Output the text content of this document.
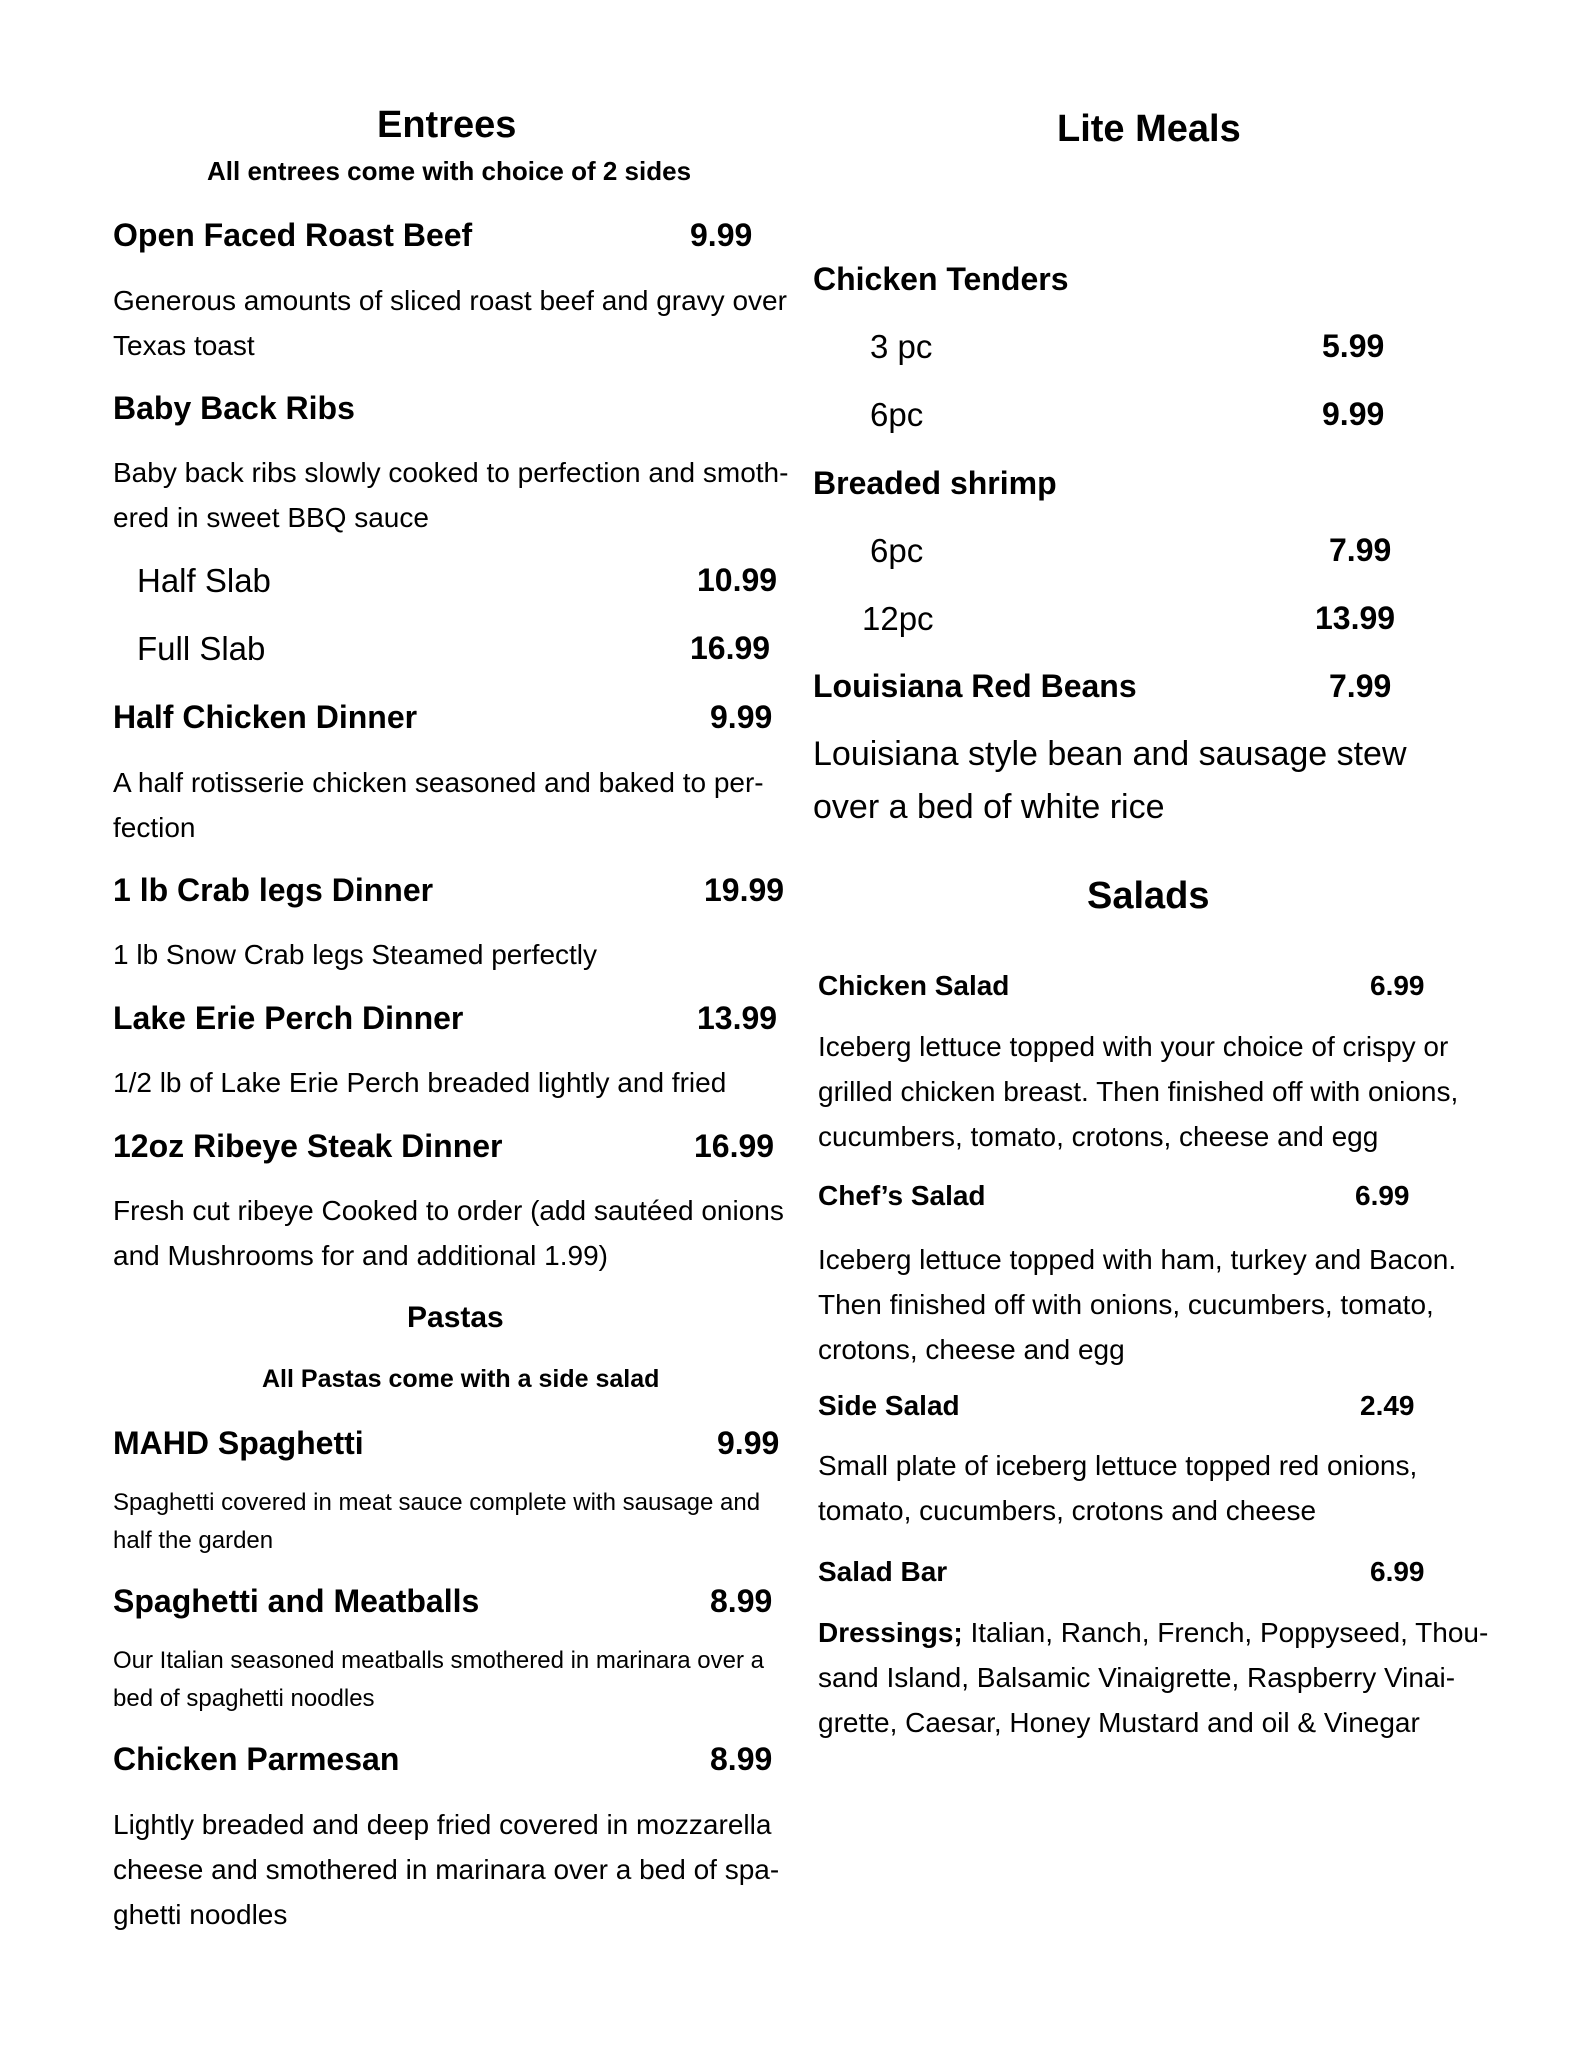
Entrees
All entrees come with choice of 2 sides
Open Faced Roast Beef	9.99
Generous amounts of sliced roast beef and gravy over Texas toast
Baby Back Ribs
Baby back ribs slowly cooked to perfection and smoth-ered in sweet BBQ sauce
Half Slab	10.99
Full Slab	16.99
Half Chicken Dinner	9.99
A half rotisserie chicken seasoned and baked to per-fection
1 lb Crab legs Dinner	19.99
1 lb Snow Crab legs Steamed perfectly
Lake Erie Perch Dinner	13.99
1/2 lb of Lake Erie Perch breaded lightly and fried
12oz Ribeye Steak Dinner	16.99
Fresh cut ribeye Cooked to order (add sautéed onions and Mushrooms for and additional 1.99)
Pastas
All Pastas come with a side salad
MAHD Spaghetti	9.99
Spaghetti covered in meat sauce complete with sausage and half the garden
Spaghetti and Meatballs	8.99
Our Italian seasoned meatballs smothered in marinara over a bed of spaghetti noodles
Chicken Parmesan	8.99
Lightly breaded and deep fried covered in mozzarella cheese and smothered in marinara over a bed of spa-ghetti noodles
Lite Meals
Chicken Tenders
3 pc	5.99
6pc	9.99
Breaded shrimp
6pc	7.99
12pc	13.99
Louisiana Red Beans	7.99
Louisiana style bean and sausage stew over a bed of white rice
Salads
Chicken Salad	6.99
Iceberg lettuce topped with your choice of crispy or grilled chicken breast. Then finished off with onions, cucumbers, tomato, crotons, cheese and egg
Chef’s Salad	6.99
Iceberg lettuce topped with ham, turkey and Bacon. Then finished off with onions, cucumbers, tomato, crotons, cheese and egg
Side Salad	2.49
Small plate of iceberg lettuce topped red onions, tomato, cucumbers, crotons and cheese
Salad Bar	6.99
Dressings; Italian, Ranch, French, Poppyseed, Thou-sand Island, Balsamic Vinaigrette, Raspberry Vinai-grette, Caesar, Honey Mustard and oil & Vinegar
